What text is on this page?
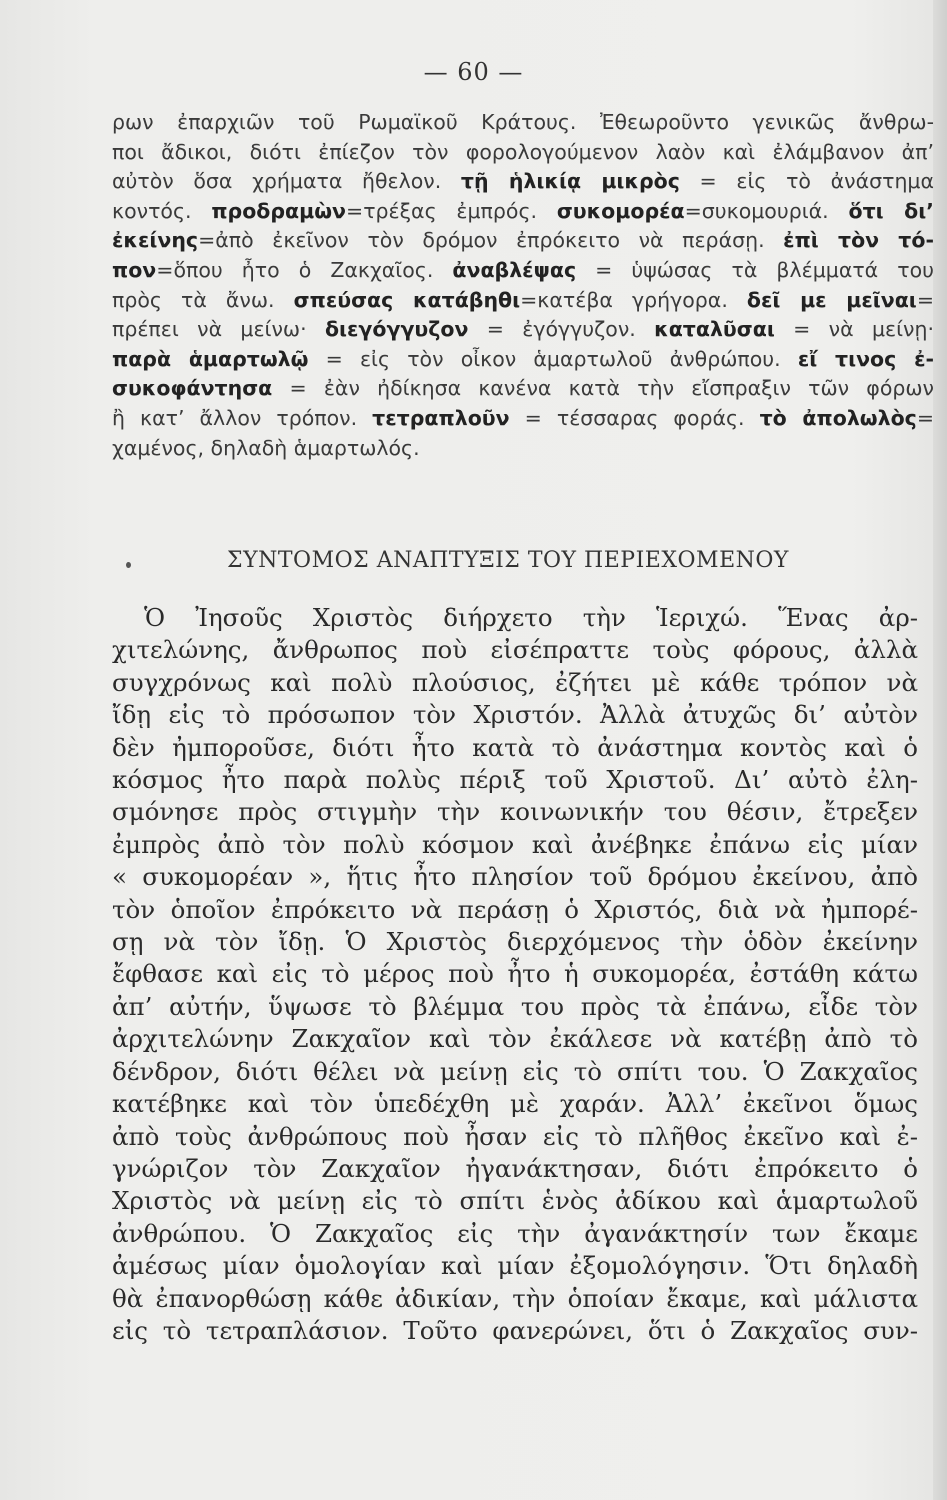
— 60 —
ρων ἐπαρχιῶν τοῦ Ρωμαϊκοῦ Κράτους. Ἐθεωροῦντο γενικῶς ἄνθρω-
ποι ἄδικοι, διότι ἐπίεζον τὸν φορολογούμενον λαὸν καὶ ἐλάμβανον ἀπ’
αὐτὸν ὅσα χρήματα ἤθελον. τῇ ἡλικίᾳ μικρὸς = εἰς τὸ ἀνάστημα
κοντός. προδραμὼν=τρέξας ἐμπρός. συκομορέα=συκομουριά. ὅτι δι’
ἐκείνης=ἀπὸ ἐκεῖνον τὸν δρόμον ἐπρόκειτο νὰ περάσῃ. ἐπὶ τὸν τό-
πον=ὅπου ἦτο ὁ Ζακχαῖος. ἀναβλέψας = ὑψώσας τὰ βλέμματά του
πρὸς τὰ ἄνω. σπεύσας κατάβηθι=κατέβα γρήγορα. δεῖ με μεῖναι=
πρέπει νὰ μείνω· διεγόγγυζον = ἐγόγγυζον. καταλῦσαι = νὰ μείνῃ·
παρὰ ἁμαρτωλῷ = εἰς τὸν οἶκον ἁμαρτωλοῦ ἀνθρώπου. εἴ τινος ἐ-
συκοφάντησα = ἐὰν ἠδίκησα κανένα κατὰ τὴν εἴσπραξιν τῶν φόρων
ἢ κατ’ ἄλλον τρόπον. τετραπλοῦν = τέσσαρας φοράς. τὸ ἀπολωλὸς=
χαμένος, δηλαδὴ ἁμαρτωλός.
ΣΥΝΤΟΜΟΣ ΑΝΑΠΤΥΞΙΣ ΤΟΥ ΠΕΡΙΕΧΟΜΕΝΟΥ
Ὁ Ἰησοῦς Χριστὸς διήρχετο τὴν Ἱεριχώ. Ἕνας ἀρ-
χιτελώνης, ἄνθρωπος ποὺ εἰσέπραττε τοὺς φόρους, ἀλλὰ
συγχρόνως καὶ πολὺ πλούσιος, ἐζήτει μὲ κάθε τρόπον νὰ
ἴδῃ εἰς τὸ πρόσωπον τὸν Χριστόν. Ἀλλὰ ἀτυχῶς δι’ αὐτὸν
δὲν ἠμποροῦσε, διότι ἦτο κατὰ τὸ ἀνάστημα κοντὸς καὶ ὁ
κόσμος ἦτο παρὰ πολὺς πέριξ τοῦ Χριστοῦ. Δι’ αὐτὸ ἐλη-
σμόνησε πρὸς στιγμὴν τὴν κοινωνικήν του θέσιν, ἔτρεξεν
ἐμπρὸς ἀπὸ τὸν πολὺ κόσμον καὶ ἀνέβηκε ἐπάνω εἰς μίαν
« συκομορέαν », ἥτις ἦτο πλησίον τοῦ δρόμου ἐκείνου, ἀπὸ
τὸν ὁποῖον ἐπρόκειτο νὰ περάσῃ ὁ Χριστός, διὰ νὰ ἠμπορέ-
σῃ νὰ τὸν ἴδῃ. Ὁ Χριστὸς διερχόμενος τὴν ὁδὸν ἐκείνην
ἔφθασε καὶ εἰς τὸ μέρος ποὺ ἦτο ἡ συκομορέα, ἐστάθη κάτω
ἀπ’ αὐτήν, ὕψωσε τὸ βλέμμα του πρὸς τὰ ἐπάνω, εἶδε τὸν
ἀρχιτελώνην Ζακχαῖον καὶ τὸν ἐκάλεσε νὰ κατέβῃ ἀπὸ τὸ
δένδρον, διότι θέλει νὰ μείνῃ εἰς τὸ σπίτι του. Ὁ Ζακχαῖος
κατέβηκε καὶ τὸν ὑπεδέχθη μὲ χαράν. Ἀλλ’ ἐκεῖνοι ὅμως
ἀπὸ τοὺς ἀνθρώπους ποὺ ἦσαν εἰς τὸ πλῆθος ἐκεῖνο καὶ ἐ-
γνώριζον τὸν Ζακχαῖον ἠγανάκτησαν, διότι ἐπρόκειτο ὁ
Χριστὸς νὰ μείνῃ εἰς τὸ σπίτι ἑνὸς ἀδίκου καὶ ἁμαρτωλοῦ
ἀνθρώπου. Ὁ Ζακχαῖος εἰς τὴν ἀγανάκτησίν των ἔκαμε
ἀμέσως μίαν ὁμολογίαν καὶ μίαν ἐξομολόγησιν. Ὅτι δηλαδὴ
θὰ ἐπανορθώσῃ κάθε ἀδικίαν, τὴν ὁποίαν ἔκαμε, καὶ μάλιστα
εἰς τὸ τετραπλάσιον. Τοῦτο φανερώνει, ὅτι ὁ Ζακχαῖος συν-
